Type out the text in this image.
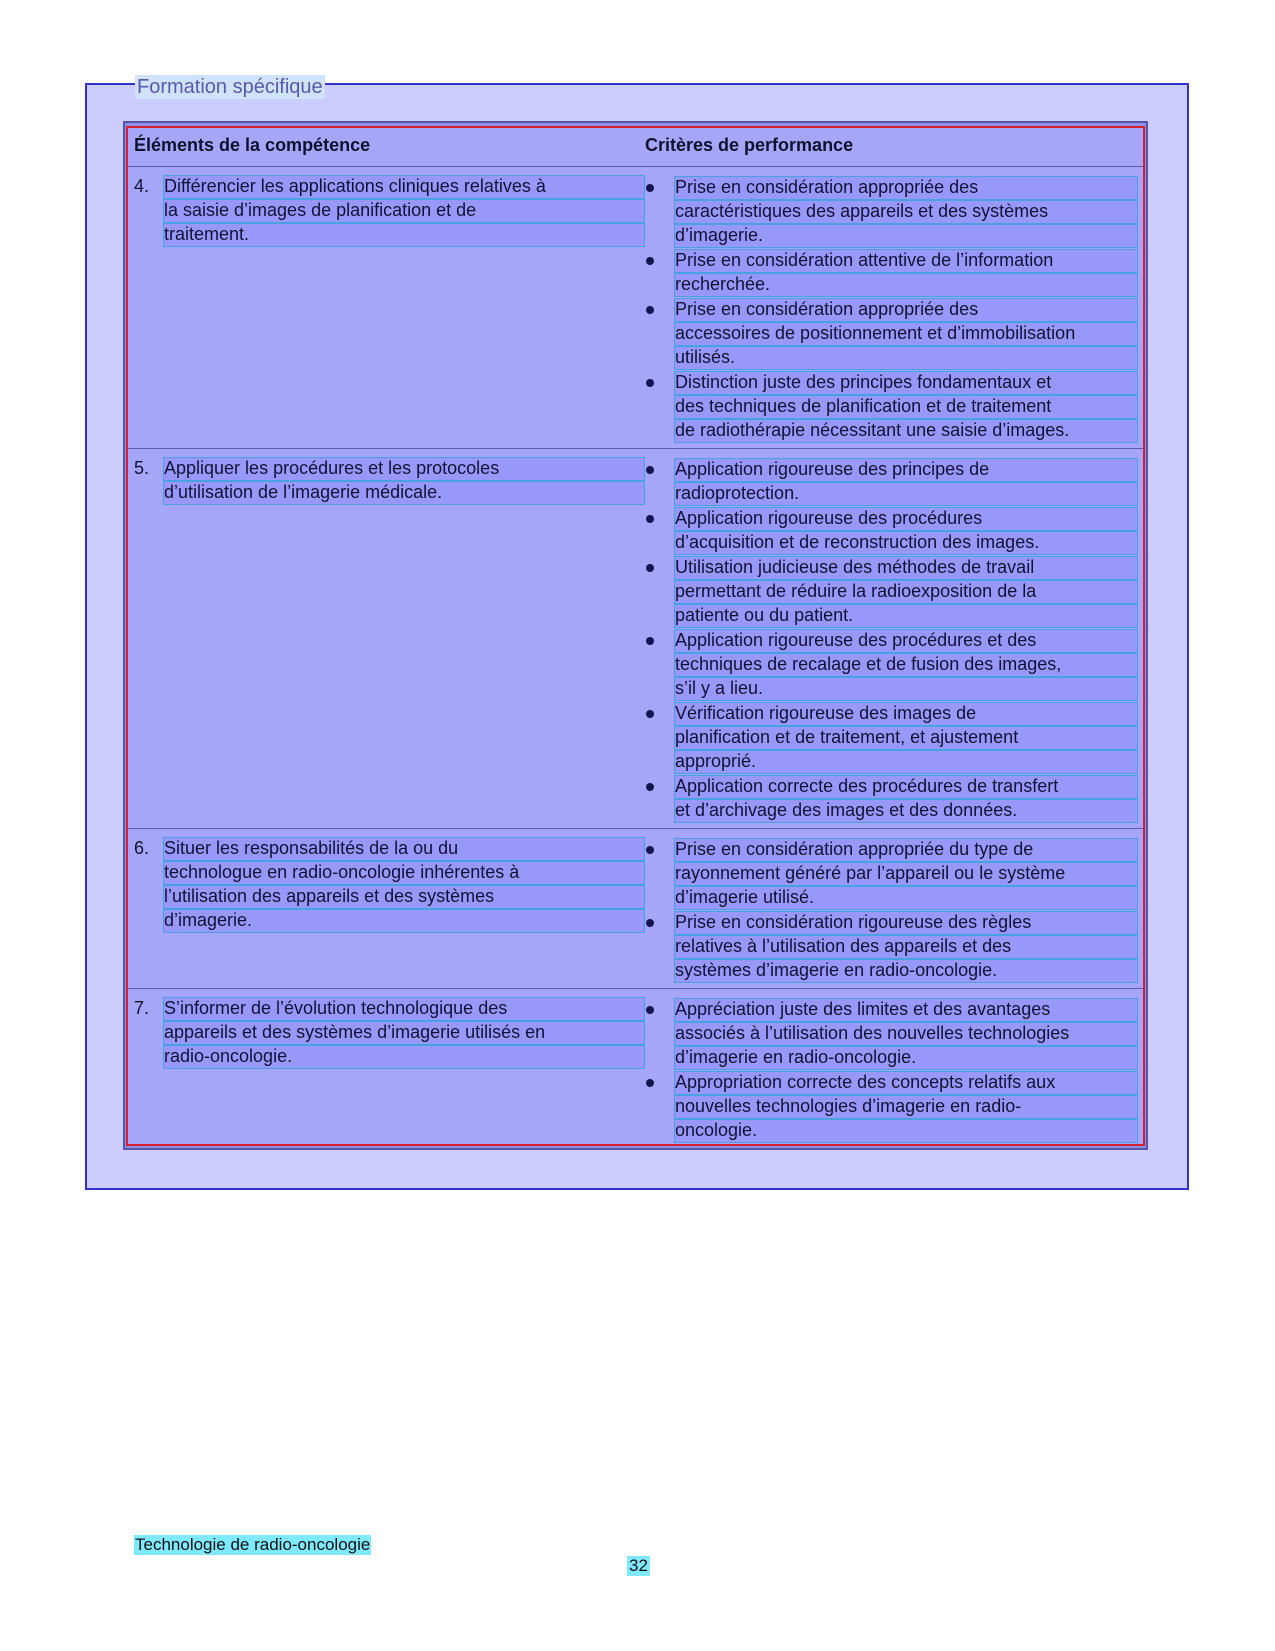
Formation spécifique
Éléments de la compétence	Critères de performance
4. Différencier les applications cliniques relatives à
la saisie d’images de planification et de
traitement.
Prise en considération appropriée des
caractéristiques des appareils et des systèmes
d’imagerie.
Prise en considération attentive de l’information
recherchée.
Prise en considération appropriée des
accessoires de positionnement et d’immobilisation
utilisés.
Distinction juste des principes fondamentaux et
des techniques de planification et de traitement
de radiothérapie nécessitant une saisie d’images.
5. Appliquer les procédures et les protocoles
d’utilisation de l’imagerie médicale.
Application rigoureuse des principes de
radioprotection.
Application rigoureuse des procédures
d’acquisition et de reconstruction des images.
Utilisation judicieuse des méthodes de travail
permettant de réduire la radioexposition de la
patiente ou du patient.
Application rigoureuse des procédures et des
techniques de recalage et de fusion des images,
s’il y a lieu.
Vérification rigoureuse des images de
planification et de traitement, et ajustement
approprié.
Application correcte des procédures de transfert
et d’archivage des images et des données.
6. Situer les responsabilités de la ou du
technologue en radio-oncologie inhérentes à
l’utilisation des appareils et des systèmes
d’imagerie.
Prise en considération appropriée du type de
rayonnement généré par l’appareil ou le système
d’imagerie utilisé.
Prise en considération rigoureuse des règles
relatives à l’utilisation des appareils et des
systèmes d’imagerie en radio-oncologie.
7. S’informer de l’évolution technologique des
appareils et des systèmes d’imagerie utilisés en
radio-oncologie.
Appréciation juste des limites et des avantages
associés à l’utilisation des nouvelles technologies
d’imagerie en radio-oncologie.
Appropriation correcte des concepts relatifs aux
nouvelles technologies d’imagerie en radio-
oncologie.
Technologie de radio-oncologie
32
